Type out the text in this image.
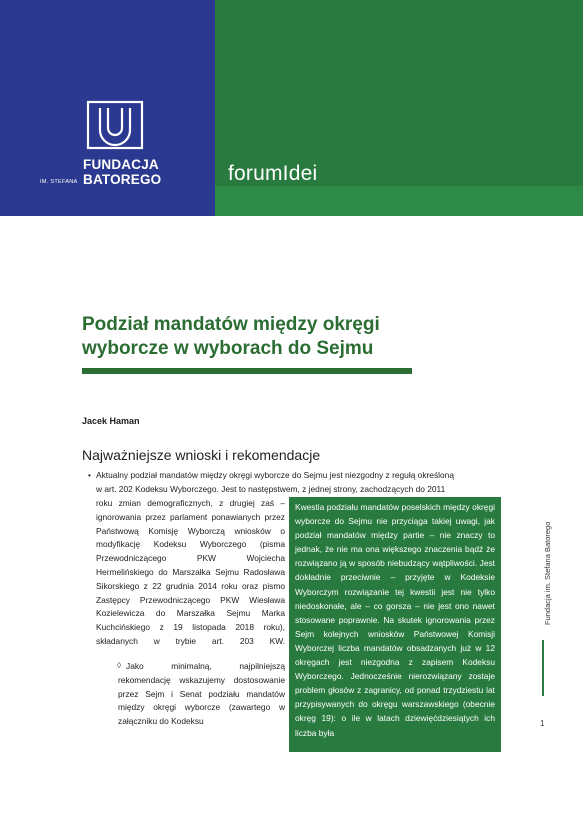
FUNDACJA
BATOREGO
IM. STEFANA	forumIdei
Podział mandatów między okręgi wyborcze w wyborach do Sejmu
Jacek Haman
Najważniejsze wnioski i rekomendacje
• Aktualny podział mandatów między okręgi wyborcze do Sejmu jest niezgodny z regułą określoną
w art. 202 Kodeksu Wyborczego. Jest to następstwem, z jednej strony, zachodzących do 2011
roku zmian demograficznych, z drugiej zaś – ignorowania przez parlament ponawianych przez Państwową Komisję Wyborczą wniosków o modyfikację Kodeksu Wyborczego (pisma Przewodniczącego PKW Wojciecha Hermelińskiego do Marszałka Sejmu Radosława Sikorskiego z 22 grudnia 2014 roku oraz pismo Zastępcy Przewodniczącego PKW Wiesława Kozielewicza do Marszałka Sejmu Marka Kuchcińskiego z 19 listopada 2018 roku), składanych w trybie art. 203 KW.
◊ Jako minimalną, najpilniejszą rekomendację wskazujemy dostosowanie przez Sejm i Senat podziału mandatów między okręgi wyborcze (zawartego w załączniku do Kodeksu
Kwestia podziału mandatów poselskich między okręgi wyborcze do Sejmu nie przyciąga takiej uwagi, jak podział mandatów między partie – nie znaczy to jednak, że nie ma ona większego znaczenia bądź że rozwiązano ją w sposób niebudzący wątpliwości. Jest dokładnie przeciwnie – przyjęte w Kodeksie Wyborczym rozwiązanie tej kwestii jest nie tylko niedoskonałe, ale – co gorsza – nie jest ono nawet stosowane poprawnie. Na skutek ignorowania przez Sejm kolejnych wniosków Państwowej Komisji Wyborczej liczba mandatów obsadzanych już w 12 okręgach jest niezgodna z zapisem Kodeksu Wyborczego. Jednocześnie nierozwiązany zostaje problem głosów z zagranicy, od ponad trzydziestu lat przypisywanych do okręgu warszawskiego (obecnie okręg 19): o ile w latach dziewięćdziesiątych ich liczba była
Fundacja im. Stefana Batorego
1
